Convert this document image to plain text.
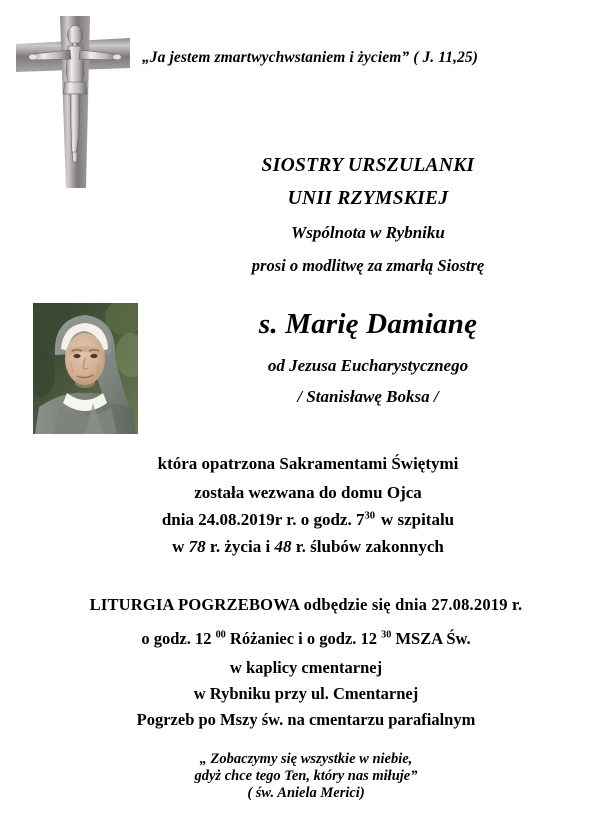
„Ja jestem zmartwychwstaniem i życiem” ( J. 11,25)
SIOSTRY URSZULANKI
UNII RZYMSKIEJ
Wspólnota w Rybniku
prosi o modlitwę za zmarłą Siostrę
s. Marię Damianę
od Jezusa Eucharystycznego
/ Stanisławę Boksa /
która opatrzona Sakramentami Świętymi
została wezwana do domu Ojca
dnia 24.08.2019r r. o godz. $7^{30}$ w szpitalu
w 78 r. życia i 48 r. ślubów zakonnych
LITURGIA POGRZEBOWA odbędzie się dnia 27.08.2019 r.
o godz. 12 $^{00}$ Różaniec i o godz. 12 $^{30}$ MSZA Św.
w kaplicy cmentarnej
w Rybniku przy ul. Cmentarnej
Pogrzeb po Mszy św. na cmentarzu parafialnym
„ Zobaczymy się wszystkie w niebie,
gdyż chce tego Ten, który nas miłuje”
( św. Aniela Merici)
